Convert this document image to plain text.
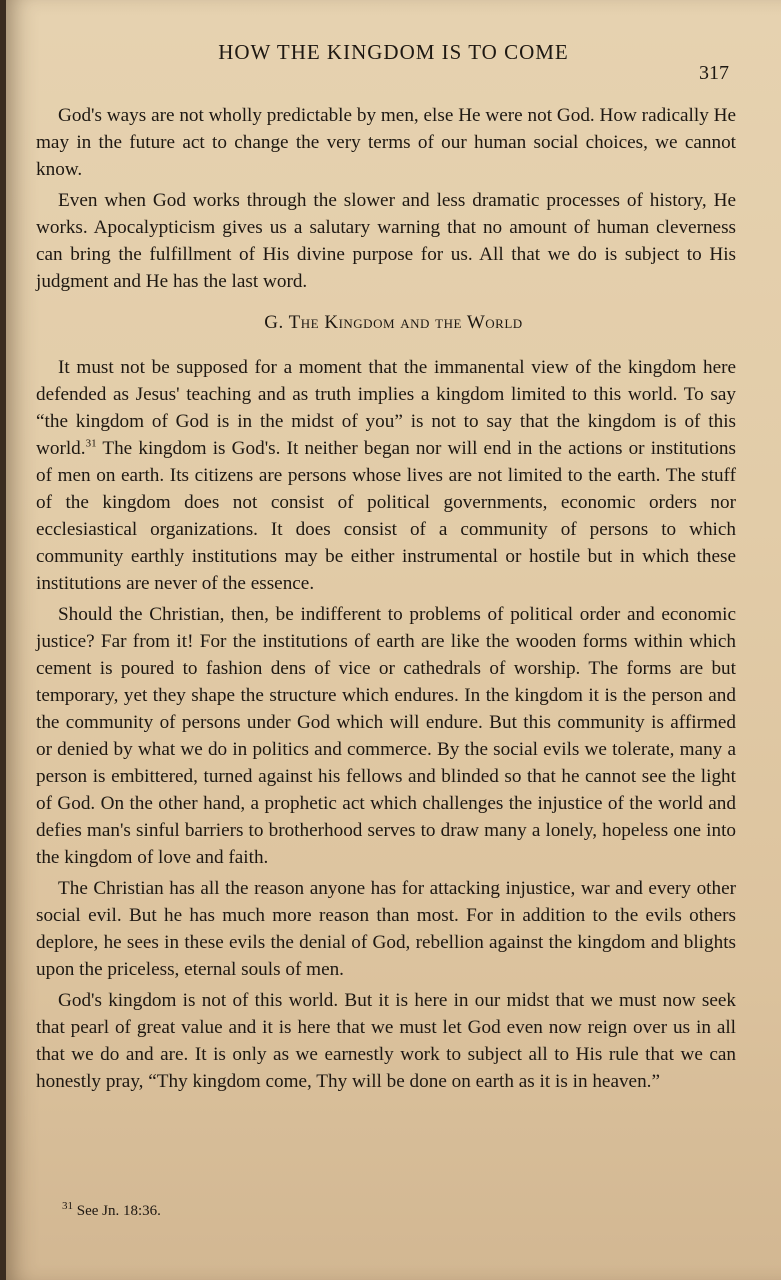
HOW THE KINGDOM IS TO COME
317

God's ways are not wholly predictable by men, else He were not God. How radically He may in the future act to change the very terms of our human social choices, we cannot know.

Even when God works through the slower and less dramatic processes of history, He works. Apocalypticism gives us a salutary warning that no amount of human cleverness can bring the fulfillment of His divine purpose for us. All that we do is subject to His judgment and He has the last word.

G. The Kingdom and the World

It must not be supposed for a moment that the immanental view of the kingdom here defended as Jesus' teaching and as truth implies a kingdom limited to this world. To say “the kingdom of God is in the midst of you” is not to say that the kingdom is of this world.$^{31}$ The kingdom is God's. It neither began nor will end in the actions or institutions of men on earth. Its citizens are persons whose lives are not limited to the earth. The stuff of the kingdom does not consist of political governments, economic orders nor ecclesiastical organizations. It does consist of a community of persons to which community earthly institutions may be either instrumental or hostile but in which these institutions are never of the essence.

Should the Christian, then, be indifferent to problems of political order and economic justice? Far from it! For the institutions of earth are like the wooden forms within which cement is poured to fashion dens of vice or cathedrals of worship. The forms are but temporary, yet they shape the structure which endures. In the kingdom it is the person and the community of persons under God which will endure. But this community is affirmed or denied by what we do in politics and commerce. By the social evils we tolerate, many a person is embittered, turned against his fellows and blinded so that he cannot see the light of God. On the other hand, a prophetic act which challenges the injustice of the world and defies man's sinful barriers to brotherhood serves to draw many a lonely, hopeless one into the kingdom of love and faith.

The Christian has all the reason anyone has for attacking injustice, war and every other social evil. But he has much more reason than most. For in addition to the evils others deplore, he sees in these evils the denial of God, rebellion against the kingdom and blights upon the priceless, eternal souls of men.

God's kingdom is not of this world. But it is here in our midst that we must now seek that pearl of great value and it is here that we must let God even now reign over us in all that we do and are. It is only as we earnestly work to subject all to His rule that we can honestly pray, “Thy kingdom come, Thy will be done on earth as it is in heaven.”

$^{31}$ See Jn. 18:36.
